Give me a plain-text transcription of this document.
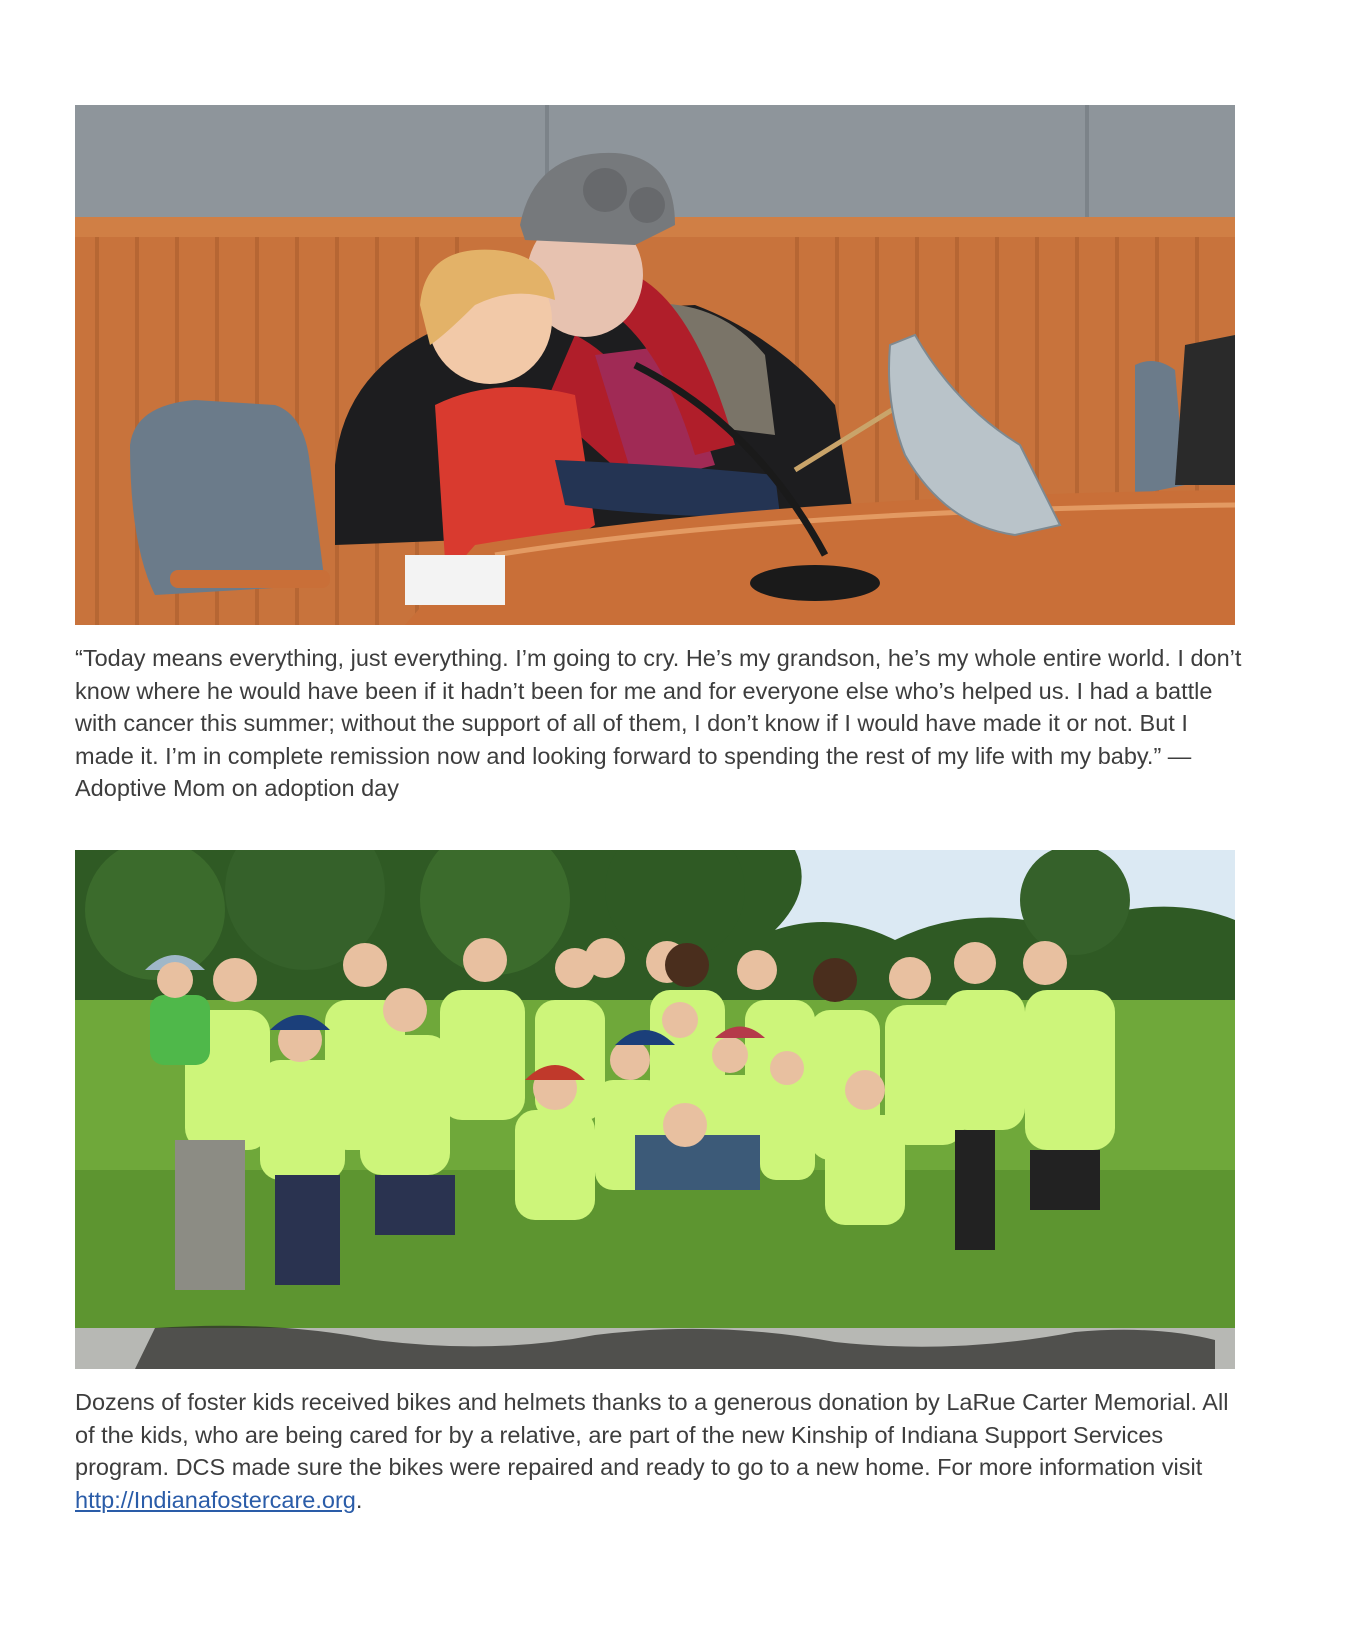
“Today means everything, just everything. I’m going to cry. He’s my grandson, he’s my whole entire world. I don’t know where he would have been if it hadn’t been for me and for everyone else who’s helped us. I had a battle with cancer this summer; without the support of all of them, I don’t know if I would have made it or not. But I made it. I’m in complete remission now and looking forward to spending the rest of my life with my baby.” —Adoptive Mom on adoption day

Dozens of foster kids received bikes and helmets thanks to a generous donation by LaRue Carter Memorial. All of the kids, who are being cared for by a relative, are part of the new Kinship of Indiana Support Services program. DCS made sure the bikes were repaired and ready to go to a new home. For more information visit http://Indianafostercare.org.
